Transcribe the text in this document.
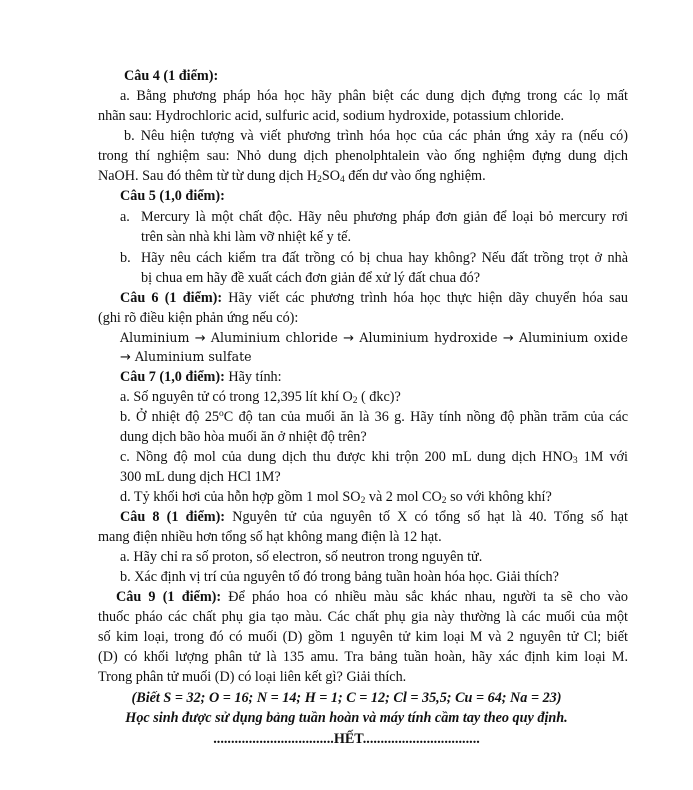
Câu 4 (1 điểm):
a. Bằng phương pháp hóa học hãy phân biệt các dung dịch đựng trong các lọ mất
nhãn sau: Hydrochloric acid, sulfuric acid, sodium hydroxide, potassium chloride.
b. Nêu hiện tượng và viết phương trình hóa học của các phản ứng xảy ra (nếu có)
trong thí nghiệm sau: Nhỏ dung dịch phenolphtalein vào ống nghiệm đựng dung dịch
NaOH. Sau đó thêm từ từ dung dịch $H_2SO_4$ đến dư vào ống nghiệm.
Câu 5 (1,0 điểm):
a. Mercury là một chất độc. Hãy nêu phương pháp đơn giản để loại bỏ mercury rơi
trên sàn nhà khi làm vỡ nhiệt kế y tế.
b. Hãy nêu cách kiểm tra đất trồng có bị chua hay không? Nếu đất trồng trọt ở nhà
bị chua em hãy đề xuất cách đơn giản để xử lý đất chua đó?
Câu 6 (1 điểm): Hãy viết các phương trình hóa học thực hiện dãy chuyển hóa sau
(ghi rõ điều kiện phản ứng nếu có):
Aluminium → Aluminium chloride → Aluminium hydroxide → Aluminium oxide
→ Aluminium sulfate
Câu 7 (1,0 điểm): Hãy tính:
a. Số nguyên tử có trong 12,395 lít khí $O_2$ ( đkc)?
b. Ở nhiệt độ 25$^o$C độ tan của muối ăn là 36 g. Hãy tính nồng độ phần trăm của các
dung dịch bão hòa muối ăn ở nhiệt độ trên?
c. Nồng độ mol của dung dịch thu được khi trộn 200 mL dung dịch $HNO_3$ 1M với
300 mL dung dịch HCl 1M?
d. Tỷ khối hơi của hỗn hợp gồm 1 mol $SO_2$ và 2 mol $CO_2$ so với không khí?
Câu 8 (1 điểm): Nguyên tử của nguyên tố X có tổng số hạt là 40. Tổng số hạt
mang điện nhiều hơn tổng số hạt không mang điện là 12 hạt.
a. Hãy chỉ ra số proton, số electron, số neutron trong nguyên tử.
b. Xác định vị trí của nguyên tố đó trong bảng tuần hoàn hóa học. Giải thích?
Câu 9 (1 điểm): Để pháo hoa có nhiều màu sắc khác nhau, người ta sẽ cho vào
thuốc pháo các chất phụ gia tạo màu. Các chất phụ gia này thường là các muối của một
số kim loại, trong đó có muối (D) gồm 1 nguyên tử kim loại M và 2 nguyên tử Cl; biết
(D) có khối lượng phân tử là 135 amu. Tra bảng tuần hoàn, hãy xác định kim loại M.
Trong phân tử muối (D) có loại liên kết gì? Giải thích.
(Biết S = 32; O = 16; N = 14; H = 1; C = 12; Cl = 35,5; Cu = 64; Na = 23)
Học sinh được sử dụng bảng tuần hoàn và máy tính cầm tay theo quy định.
..................................HẾT.................................
